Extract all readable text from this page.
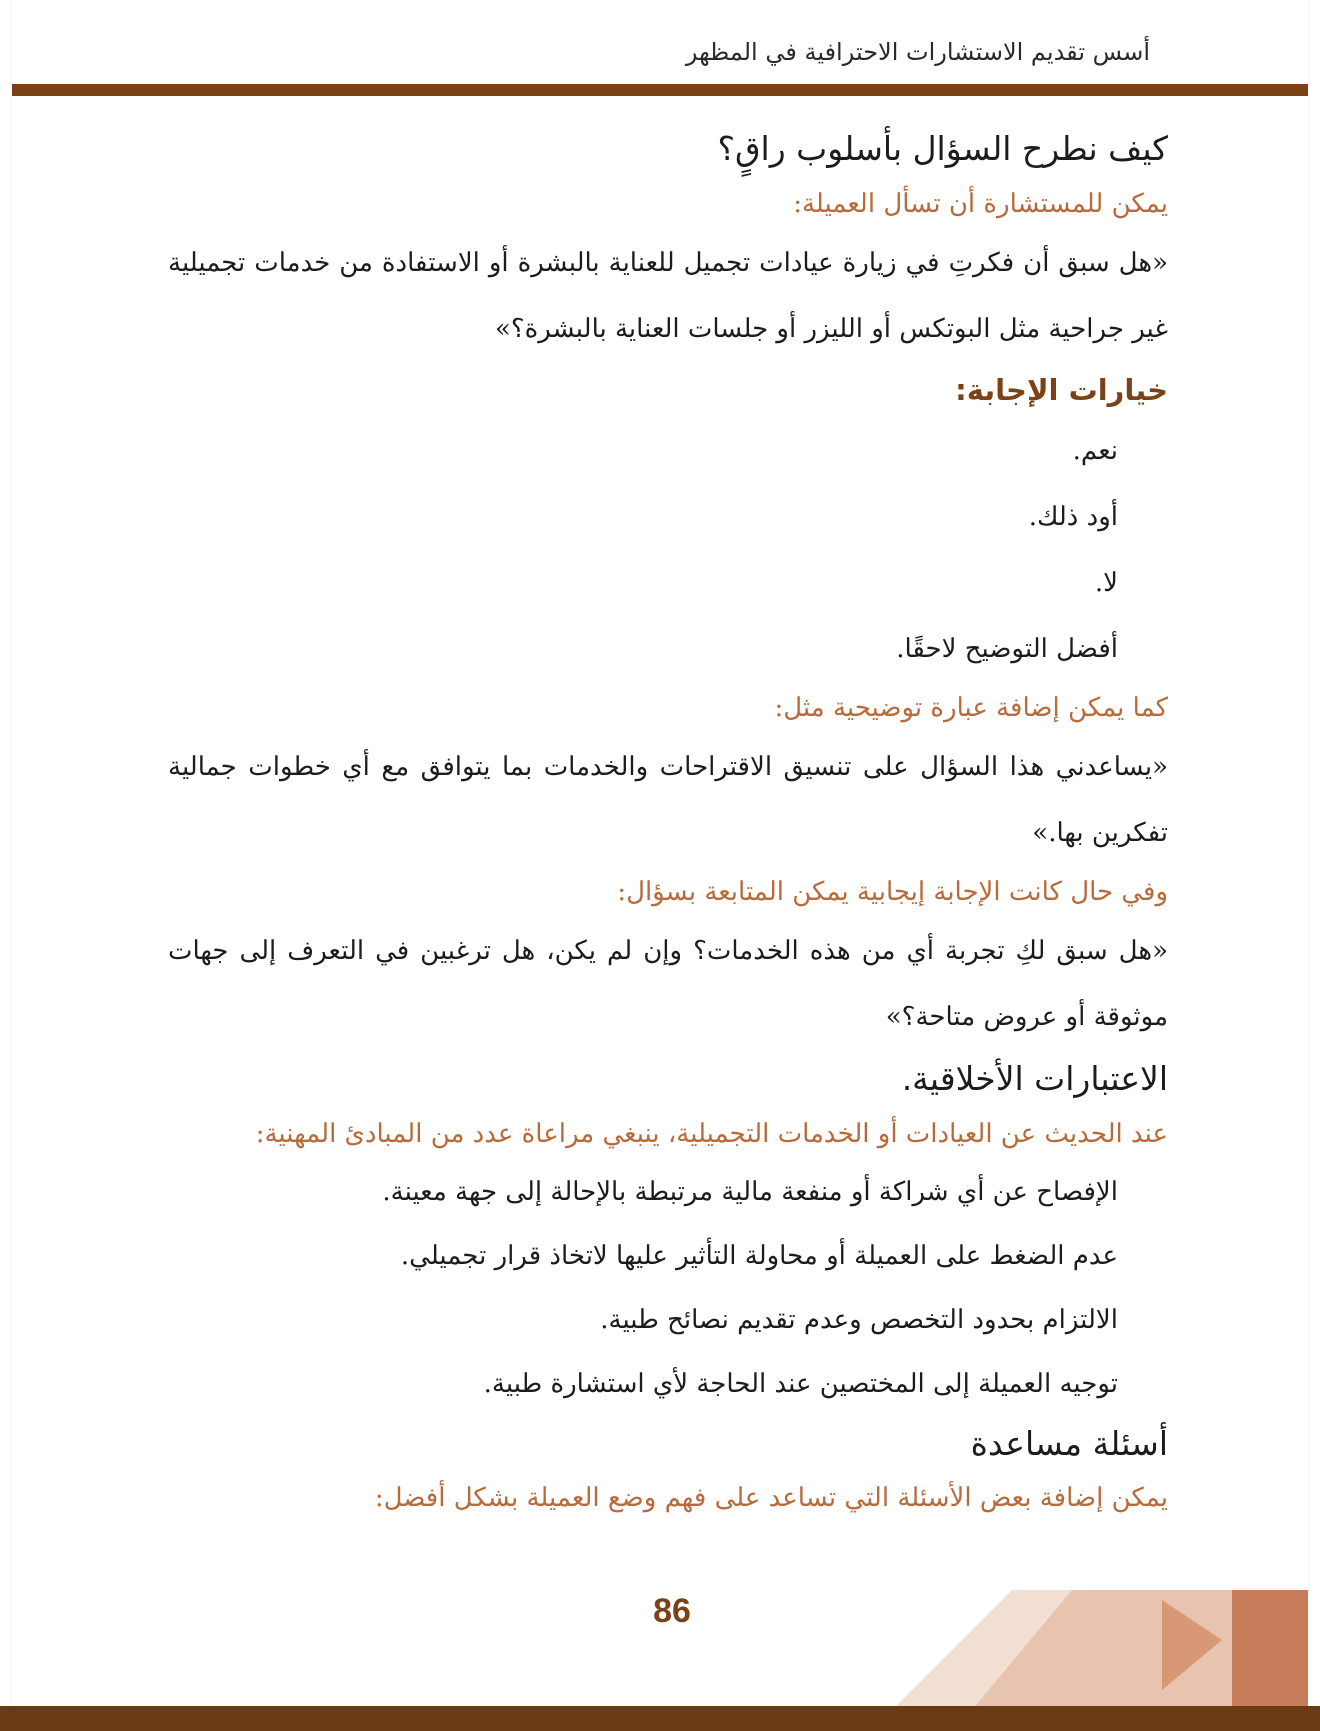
أسس تقديم الاستشارات الاحترافية في المظهر
كيف نطرح السؤال بأسلوب راقٍ؟
يمكن للمستشارة أن تسأل العميلة:

«هل سبق أن فكرتِ في زيارة عيادات تجميل للعناية بالبشرة أو الاستفادة من خدمات تجميلية غير جراحية مثل البوتكس أو الليزر أو جلسات العناية بالبشرة؟»

خيارات الإجابة:
نعم.
أود ذلك.
لا.
أفضل التوضيح لاحقًا.
كما يمكن إضافة عبارة توضيحية مثل:

«يساعدني هذا السؤال على تنسيق الاقتراحات والخدمات بما يتوافق مع أي خطوات جمالية تفكرين بها.»

وفي حال كانت الإجابة إيجابية يمكن المتابعة بسؤال:

«هل سبق لكِ تجربة أي من هذه الخدمات؟ وإن لم يكن، هل ترغبين في التعرف إلى جهات موثوقة أو عروض متاحة؟»

الاعتبارات الأخلاقية.
عند الحديث عن العيادات أو الخدمات التجميلية، ينبغي مراعاة عدد من المبادئ المهنية:
الإفصاح عن أي شراكة أو منفعة مالية مرتبطة بالإحالة إلى جهة معينة.
عدم الضغط على العميلة أو محاولة التأثير عليها لاتخاذ قرار تجميلي.
الالتزام بحدود التخصص وعدم تقديم نصائح طبية.
توجيه العميلة إلى المختصين عند الحاجة لأي استشارة طبية.
أسئلة مساعدة
يمكن إضافة بعض الأسئلة التي تساعد على فهم وضع العميلة بشكل أفضل:
86
